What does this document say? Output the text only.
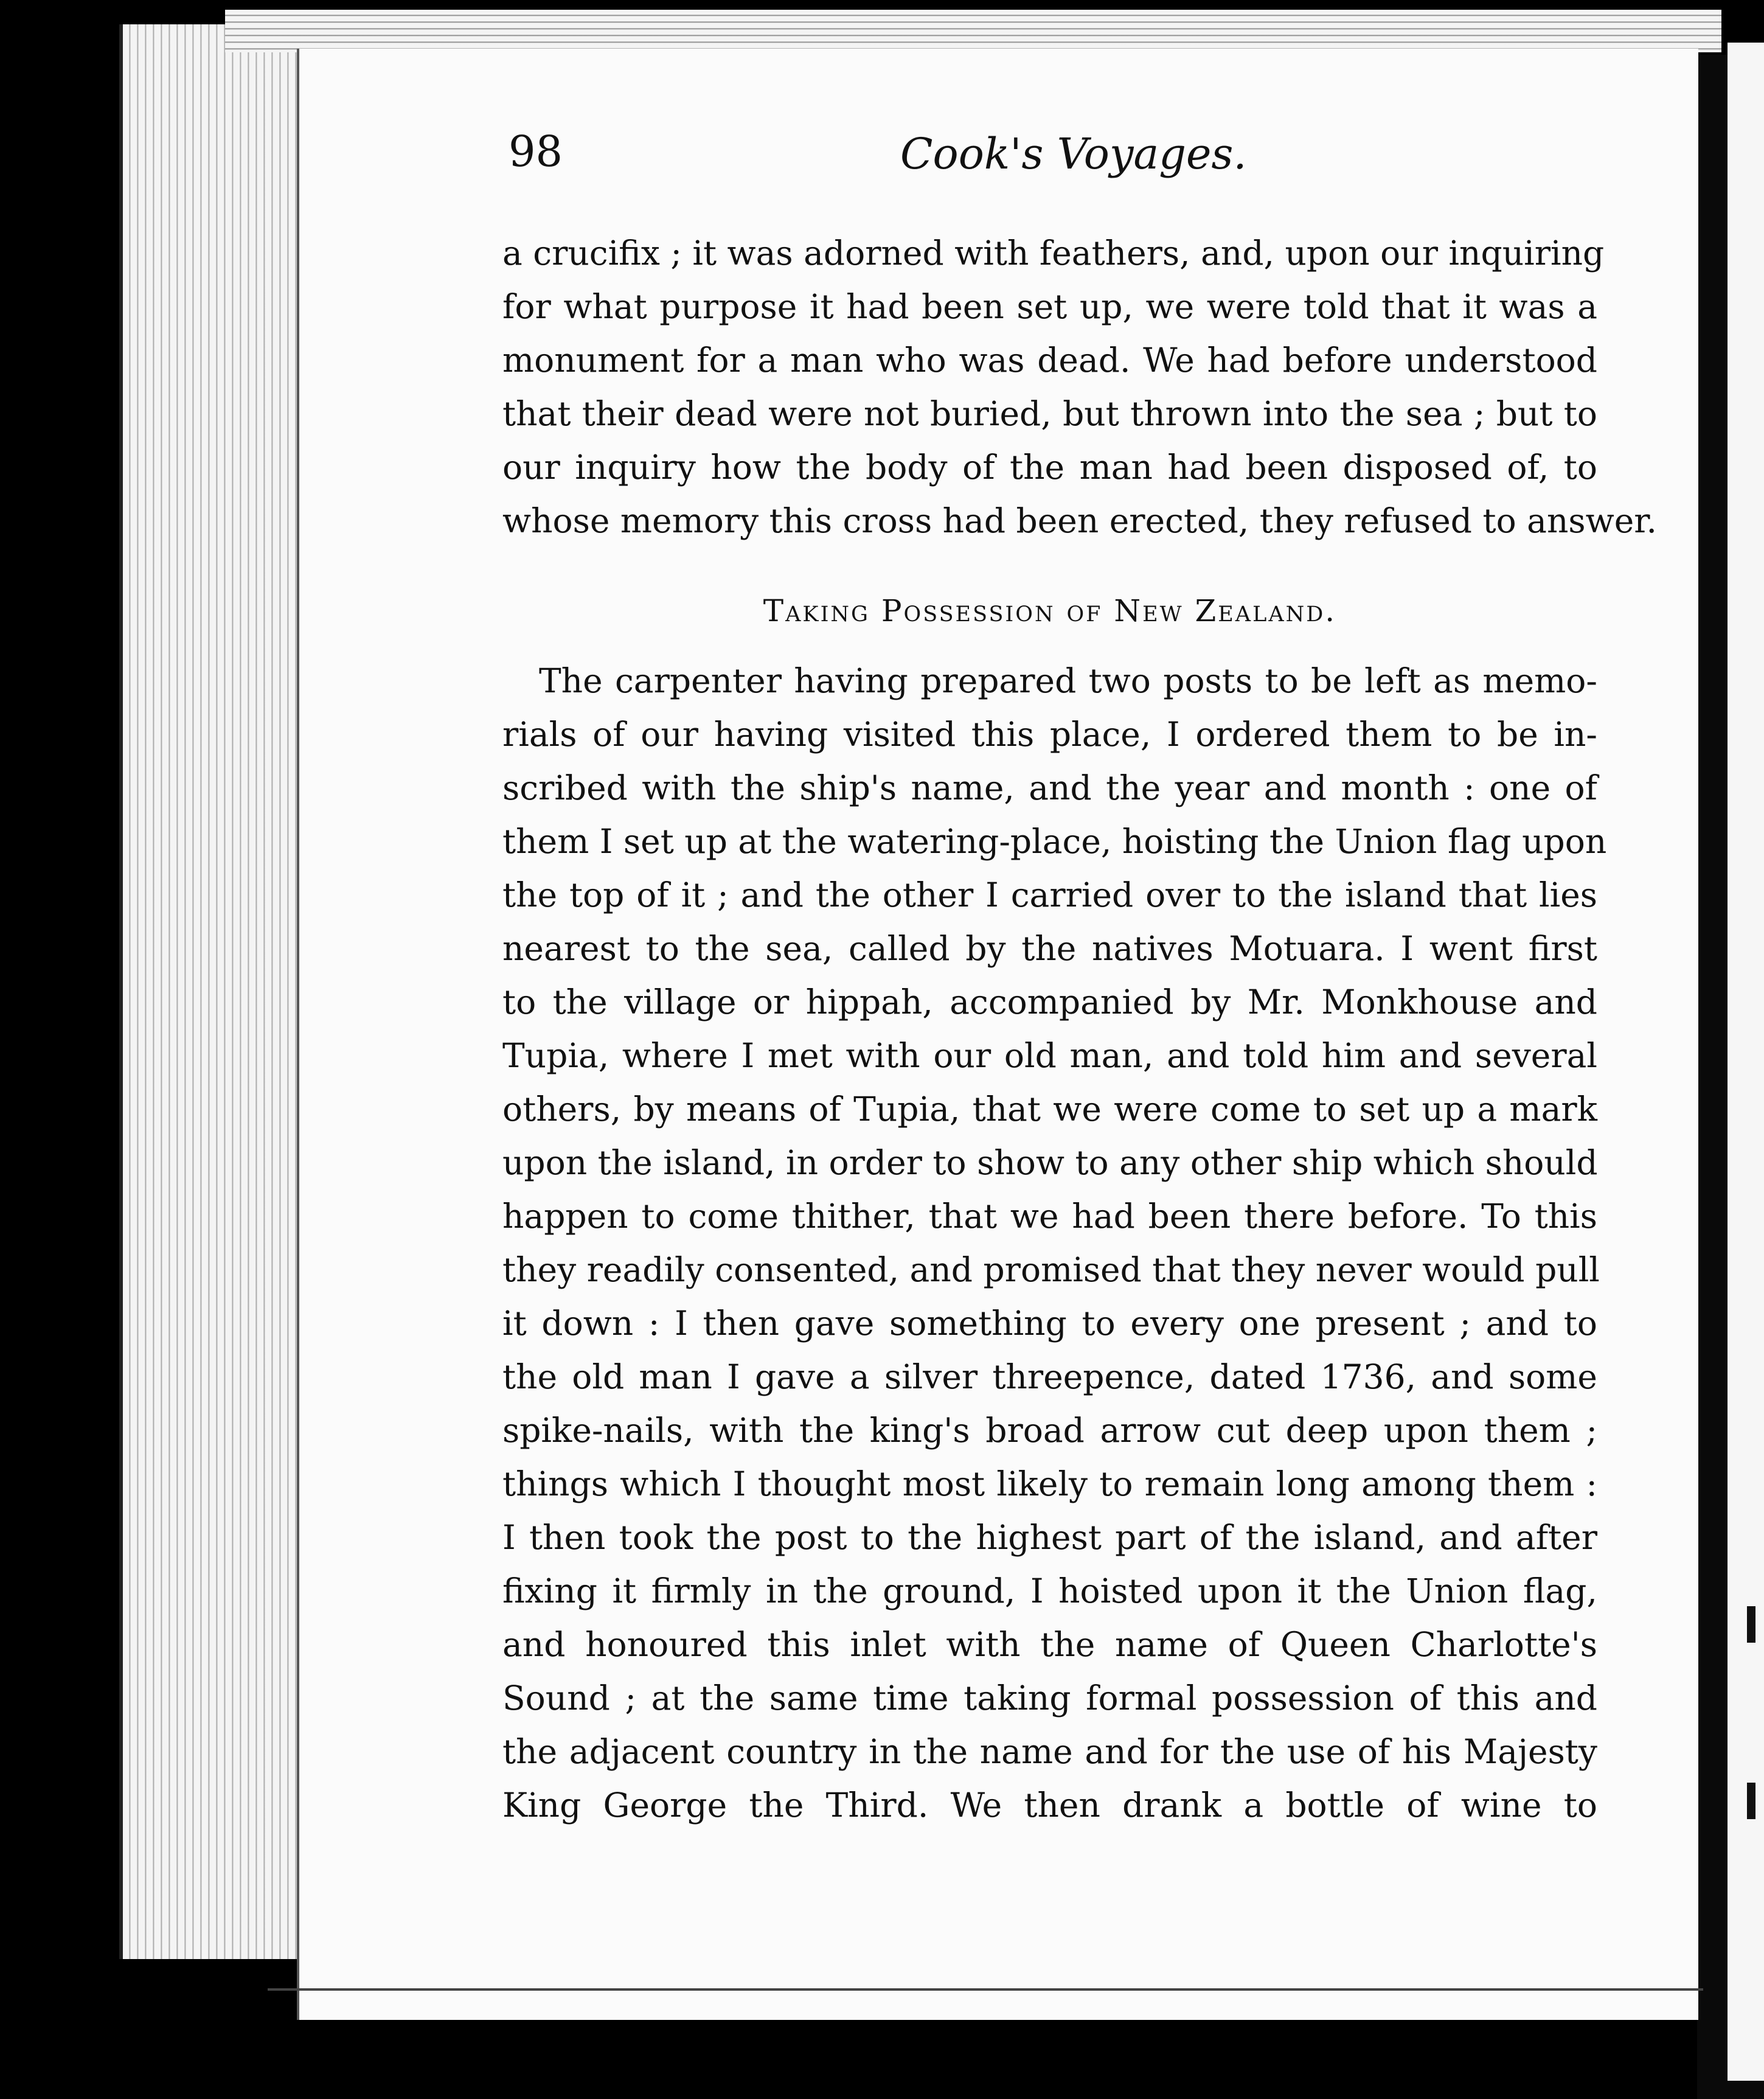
98	Cook's Voyages.

a crucifix ; it was adorned with feathers, and, upon our inquiring
for what purpose it had been set up, we were told that it was a
monument for a man who was dead. We had before understood
that their dead were not buried, but thrown into the sea ; but to
our inquiry how the body of the man had been disposed of, to
whose memory this cross had been erected, they refused to answer.

Taking Possession of New Zealand.

The carpenter having prepared two posts to be left as memo-
rials of our having visited this place, I ordered them to be in-
scribed with the ship's name, and the year and month : one of
them I set up at the watering-place, hoisting the Union flag upon
the top of it ; and the other I carried over to the island that lies
nearest to the sea, called by the natives Motuara. I went first
to the village or hippah, accompanied by Mr. Monkhouse and
Tupia, where I met with our old man, and told him and several
others, by means of Tupia, that we were come to set up a mark
upon the island, in order to show to any other ship which should
happen to come thither, that we had been there before. To this
they readily consented, and promised that they never would pull
it down : I then gave something to every one present ; and to
the old man I gave a silver threepence, dated 1736, and some
spike-nails, with the king's broad arrow cut deep upon them ;
things which I thought most likely to remain long among them :
I then took the post to the highest part of the island, and after
fixing it firmly in the ground, I hoisted upon it the Union flag,
and honoured this inlet with the name of Queen Charlotte's
Sound ; at the same time taking formal possession of this and
the adjacent country in the name and for the use of his Majesty
King George the Third. We then drank a bottle of wine to
